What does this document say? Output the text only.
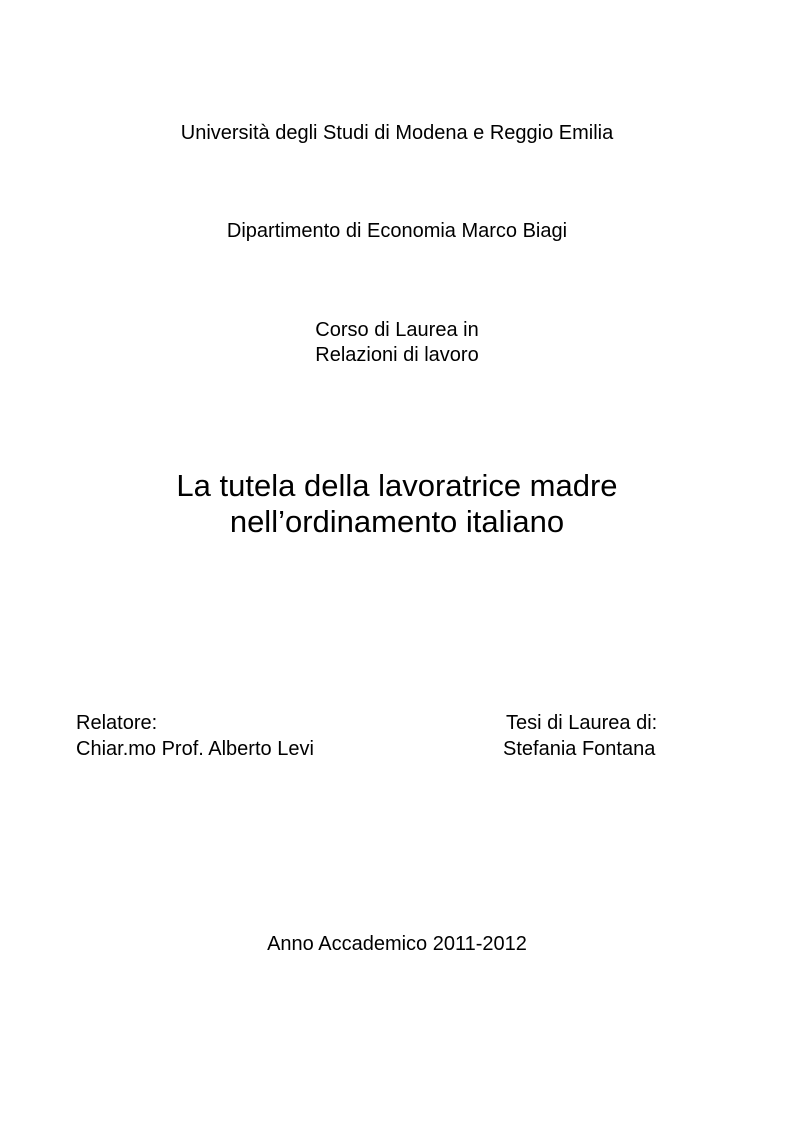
Università degli Studi di Modena e Reggio Emilia
Dipartimento di Economia Marco Biagi
Corso di Laurea in
Relazioni di lavoro
La tutela della lavoratrice madre
nell’ordinamento italiano
Relatore:
Chiar.mo Prof. Alberto Levi
Tesi di Laurea di:
Stefania Fontana
Anno Accademico 2011-2012
